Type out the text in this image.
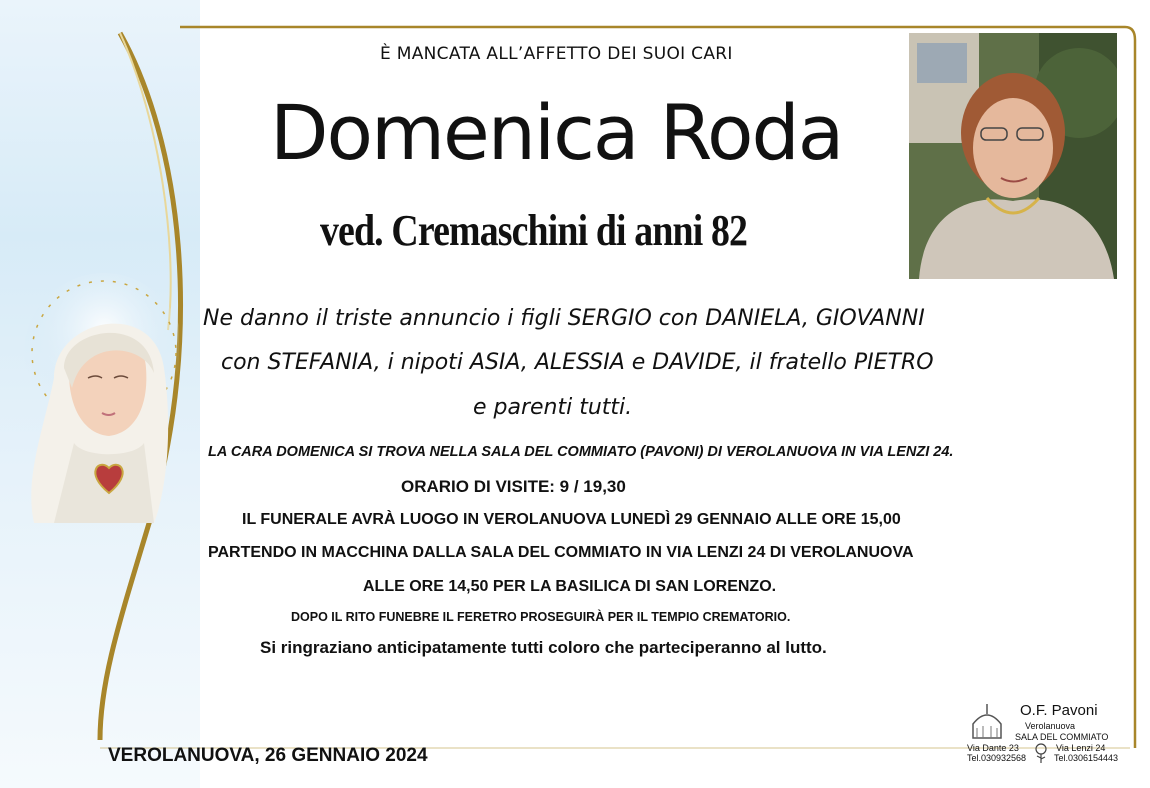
È MANCATA ALL’AFFETTO DEI SUOI CARI
Domenica Roda
ved. Cremaschini di anni 82
Ne danno il triste annuncio i figli SERGIO con DANIELA, GIOVANNI
con STEFANIA, i nipoti ASIA, ALESSIA e DAVIDE, il fratello PIETRO
e parenti tutti.
LA CARA DOMENICA SI TROVA NELLA SALA DEL COMMIATO (PAVONI) DI VEROLANUOVA IN VIA LENZI 24.
ORARIO DI VISITE: 9 / 19,30
IL FUNERALE AVRÀ LUOGO IN VEROLANUOVA LUNEDÌ 29 GENNAIO ALLE ORE 15,00
PARTENDO IN MACCHINA DALLA SALA DEL COMMIATO IN VIA LENZI 24 DI VEROLANUOVA
ALLE ORE 14,50 PER LA BASILICA DI SAN LORENZO.
DOPO IL RITO FUNEBRE IL FERETRO PROSEGUIRÀ PER IL TEMPIO CREMATORIO.
Si ringraziano anticipatamente tutti coloro che parteciperanno al lutto.
VEROLANUOVA, 26 GENNAIO 2024
O.F. Pavoni
Verolanuova
SALA DEL COMMIATO
Via Dante 23
Tel.030932568
Via Lenzi 24
Tel.0306154443
